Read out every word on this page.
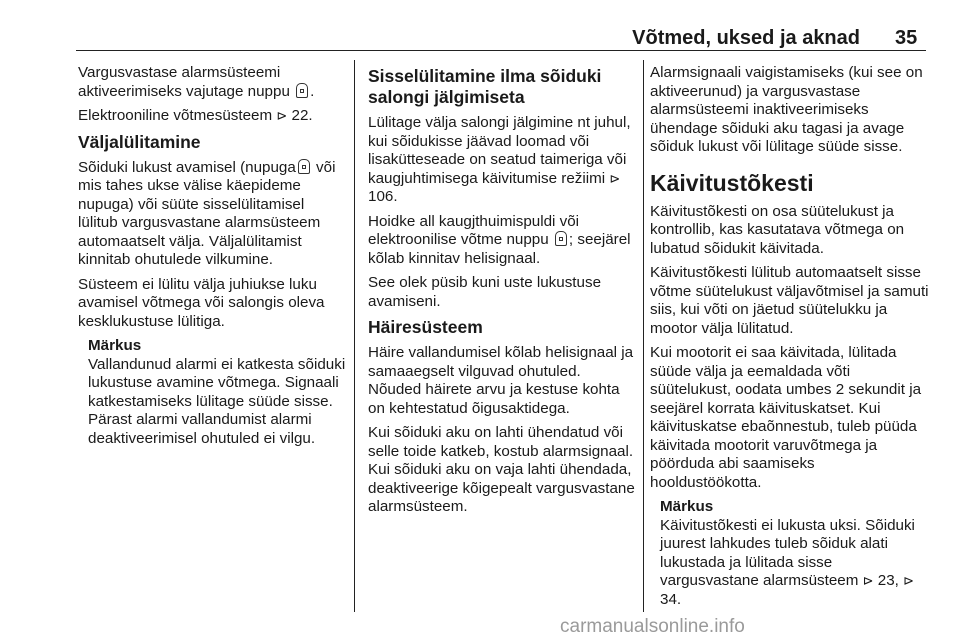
Võtmed, uksed ja aknad 35

Vargusvastase alarmsüsteemi aktiveerimiseks vajutage nuppu .

Elektrooniline võtmesüsteem ⊳ 22.

Väljalülitamine

Sõiduki lukust avamisel (nupuga või mis tahes ukse välise käepideme nupuga) või süüte sisselülitamisel lülitub vargusvastane alarmsüsteem automaatselt välja. Väljalülitamist kinnitab ohutulede vilkumine.

Süsteem ei lülitu välja juhiukse luku avamisel võtmega või salongis oleva kesklukustuse lülitiga.

Märkus

Vallandunud alarmi ei katkesta sõiduki lukustuse avamine võtmega. Signaali katkestamiseks lülitage süüde sisse. Pärast alarmi vallandumist alarmi deaktiveerimisel ohutuled ei vilgu.

Sisselülitamine ilma sõiduki salongi jälgimiseta

Lülitage välja salongi jälgimine nt juhul, kui sõidukisse jäävad loomad või lisakütteseade on seatud taimeriga või kaugjuhtimisega käivitumise režiimi ⊳ 106.

Hoidke all kaugjthuimispuldi või elektroonilise võtme nuppu ; seejärel kõlab kinnitav helisignaal.

See olek püsib kuni uste lukustuse avamiseni.

Häiresüsteem

Häire vallandumisel kõlab helisignaal ja samaaegselt vilguvad ohutuled. Nõuded häirete arvu ja kestuse kohta on kehtestatud õigusaktidega.

Kui sõiduki aku on lahti ühendatud või selle toide katkeb, kostub alarmsignaal. Kui sõiduki aku on vaja lahti ühendada, deaktiveerige kõigepealt vargusvastane alarmsüsteem.

Alarmsignaali vaigistamiseks (kui see on aktiveerunud) ja vargusvastase alarmsüsteemi inaktiveerimiseks ühendage sõiduki aku tagasi ja avage sõiduk lukust või lülitage süüde sisse.

Käivitustõkesti

Käivitustõkesti on osa süütelukust ja kontrollib, kas kasutatava võtmega on lubatud sõidukit käivitada.

Käivitustõkesti lülitub automaatselt sisse võtme süütelukust väljavõtmisel ja samuti siis, kui võti on jäetud süütelukku ja mootor välja lülitatud.

Kui mootorit ei saa käivitada, lülitada süüde välja ja eemaldada võti süütelukust, oodata umbes 2 sekundit ja seejärel korrata käivituskatset. Kui käivituskatse ebaõnnestub, tuleb püüda käivitada mootorit varuvõtmega ja pöörduda abi saamiseks hooldustöökotta.

Märkus

Käivitustõkesti ei lukusta uksi. Sõiduki juurest lahkudes tuleb sõiduk alati lukustada ja lülitada sisse vargusvastane alarmsüsteem ⊳ 23, ⊳ 34.

carmanualsonline.info
